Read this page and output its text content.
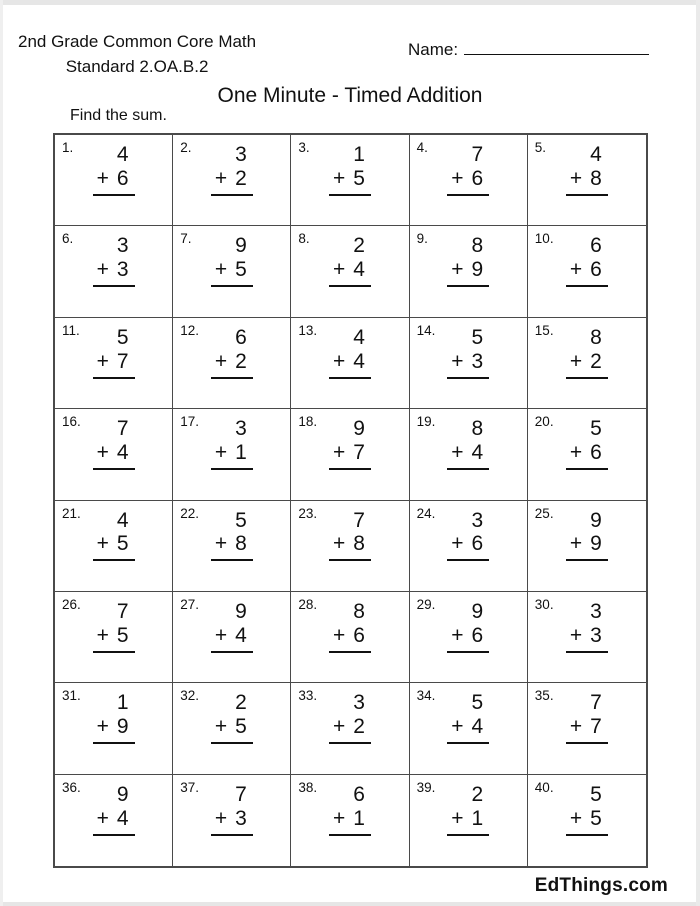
2nd Grade Common Core Math
Standard 2.OA.B.2
Name:
One Minute - Timed Addition
Find the sum.
1.	4
+ 6
2.	3
+ 2
3.	1
+ 5
4.	7
+ 6
5.	4
+ 8
6.	3
+ 3
7.	9
+ 5
8.	2
+ 4
9.	8
+ 9
10.	6
+ 6
11.	5
+ 7
12.	6
+ 2
13.	4
+ 4
14.	5
+ 3
15.	8
+ 2
16.	7
+ 4
17.	3
+ 1
18.	9
+ 7
19.	8
+ 4
20.	5
+ 6
21.	4
+ 5
22.	5
+ 8
23.	7
+ 8
24.	3
+ 6
25.	9
+ 9
26.	7
+ 5
27.	9
+ 4
28.	8
+ 6
29.	9
+ 6
30.	3
+ 3
31.	1
+ 9
32.	2
+ 5
33.	3
+ 2
34.	5
+ 4
35.	7
+ 7
36.	9
+ 4
37.	7
+ 3
38.	6
+ 1
39.	2
+ 1
40.	5
+ 5
EdThings.com
